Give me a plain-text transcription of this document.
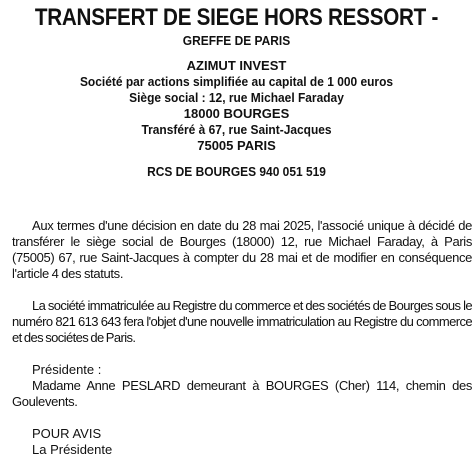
TRANSFERT DE SIEGE HORS RESSORT -
GREFFE DE PARIS
AZIMUT INVEST
Société par actions simplifiée au capital de 1 000 euros
Siège social : 12, rue Michael Faraday
18000 BOURGES
Transféré à 67, rue Saint-Jacques
75005 PARIS
RCS DE BOURGES 940 051 519

Aux termes d'une décision en date du 28 mai 2025, l'associé unique à décidé de transférer le siège social de Bourges (18000) 12, rue Michael Faraday, à Paris (75005) 67, rue Saint-Jacques à compter du 28 mai et de modifier en conséquence l'article 4 des statuts.

La société immatriculée au Registre du commerce et des sociétés de Bourges sous le numéro 821 613 643 fera l'objet d'une nouvelle immatriculation au Registre du commerce et des sociétes de Paris.

Présidente :

Madame Anne PESLARD demeurant à BOURGES (Cher) 114, chemin des Goulevents.

POUR AVIS
La Présidente
